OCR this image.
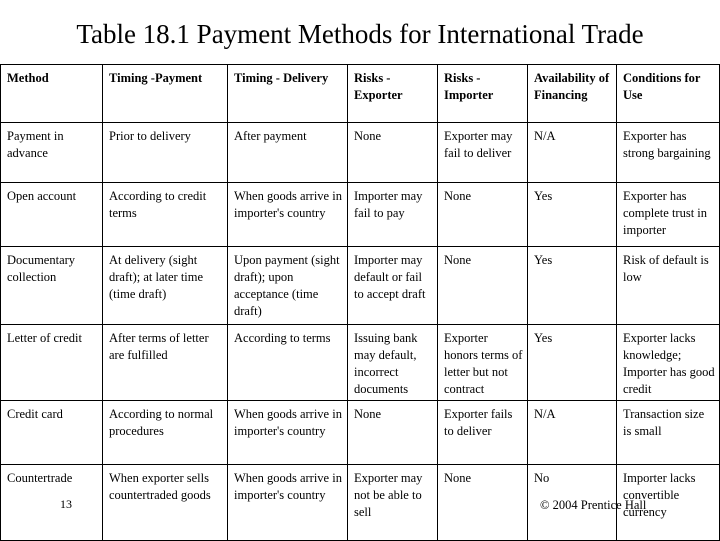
Table 18.1 Payment Methods for International Trade
Method	Timing -Payment	Timing - Delivery	Risks - Exporter	Risks - Importer	Availability of Financing	Conditions for Use
Payment in advance	Prior to delivery	After payment	None	Exporter may fail to deliver	N/A	Exporter has strong bargaining
Open account	According to credit terms	When goods arrive in importer's country	Importer may fail to pay	None	Yes	Exporter has complete trust in importer
Documentary collection	At delivery (sight draft); at later time (time draft)	Upon payment (sight draft); upon acceptance (time draft)	Importer may default or fail to accept draft	None	Yes	Risk of default is low
Letter of credit	After terms of letter are fulfilled	According to terms	Issuing bank may default, incorrect documents	Exporter honors terms of letter but not contract	Yes	Exporter lacks knowledge; Importer has good credit
Credit card	According to normal procedures	When goods arrive in importer's country	None	Exporter fails to deliver	N/A	Transaction size is small
Countertrade	When exporter sells countertraded goods	When goods arrive in importer's country	Exporter may not be able to sell	None	No	Importer lacks convertible currency
13	© 2004 Prentice Hall
